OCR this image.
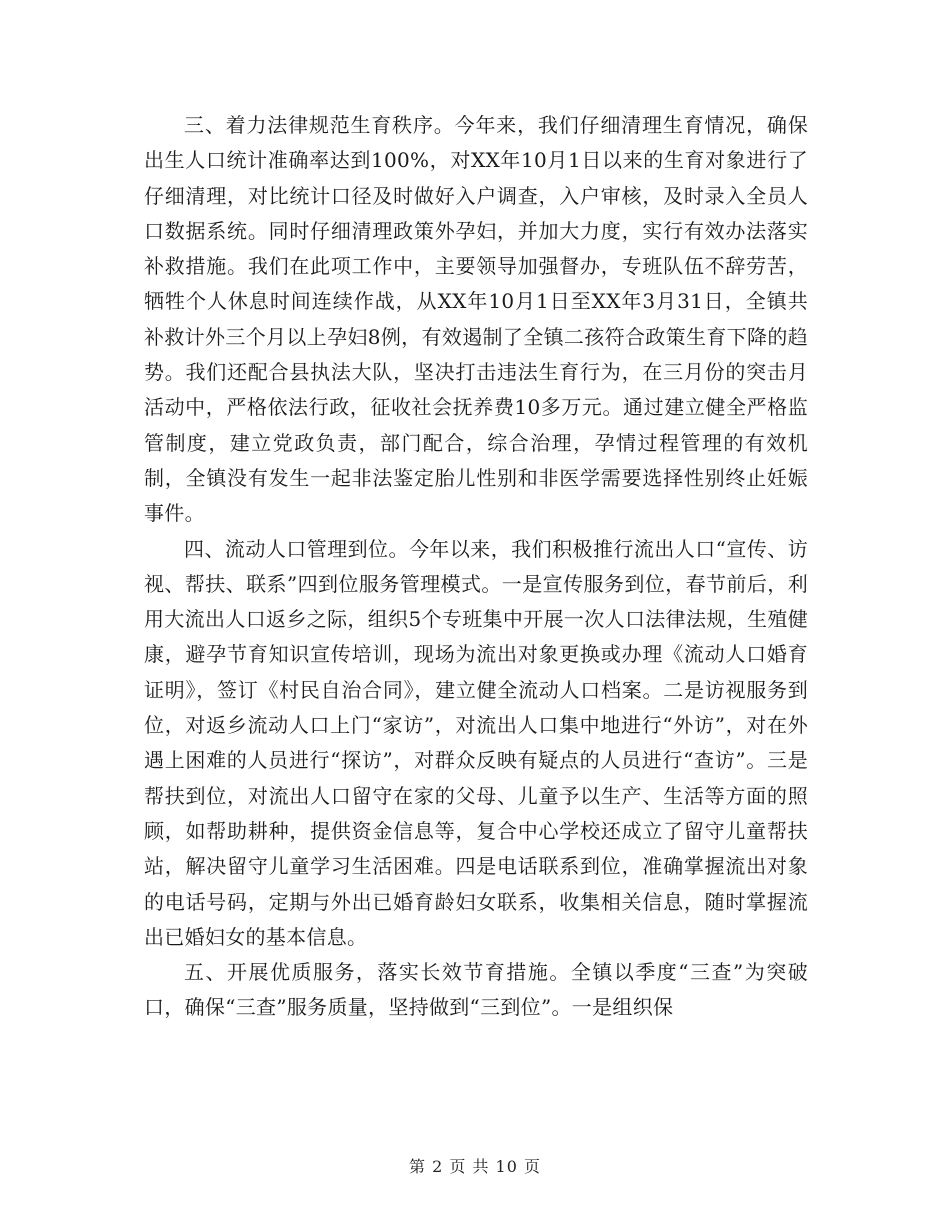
三、着力法律规范生育秩序。今年来，我们仔细清理生育情况，确保出生人口统计准确率达到100%，对XX年10月1日以来的生育对象进行了仔细清理，对比统计口径及时做好入户调查，入户审核，及时录入全员人口数据系统。同时仔细清理政策外孕妇，并加大力度，实行有效办法落实补救措施。我们在此项工作中，主要领导加强督办，专班队伍不辞劳苦，牺牲个人休息时间连续作战，从XX年10月1日至XX年3月31日，全镇共补救计外三个月以上孕妇8例，有效遏制了全镇二孩符合政策生育下降的趋势。我们还配合县执法大队，坚决打击违法生育行为，在三月份的突击月活动中，严格依法行政，征收社会抚养费10多万元。通过建立健全严格监管制度，建立党政负责，部门配合，综合治理，孕情过程管理的有效机制，全镇没有发生一起非法鉴定胎儿性别和非医学需要选择性别终止妊娠事件。

四、流动人口管理到位。今年以来，我们积极推行流出人口“宣传、访视、帮扶、联系”四到位服务管理模式。一是宣传服务到位，春节前后，利用大流出人口返乡之际，组织5个专班集中开展一次人口法律法规，生殖健康，避孕节育知识宣传培训，现场为流出对象更换或办理《流动人口婚育证明》，签订《村民自治合同》，建立健全流动人口档案。二是访视服务到位，对返乡流动人口上门“家访”，对流出人口集中地进行“外访”，对在外遇上困难的人员进行“探访”，对群众反映有疑点的人员进行“查访”。三是帮扶到位，对流出人口留守在家的父母、儿童予以生产、生活等方面的照顾，如帮助耕种，提供资金信息等，复合中心学校还成立了留守儿童帮扶站，解决留守儿童学习生活困难。四是电话联系到位，准确掌握流出对象的电话号码，定期与外出已婚育龄妇女联系，收集相关信息，随时掌握流出已婚妇女的基本信息。

五、开展优质服务，落实长效节育措施。全镇以季度“三查”为突破口，确保“三查”服务质量，坚持做到“三到位”。一是组织保

第 2 页 共 10 页
